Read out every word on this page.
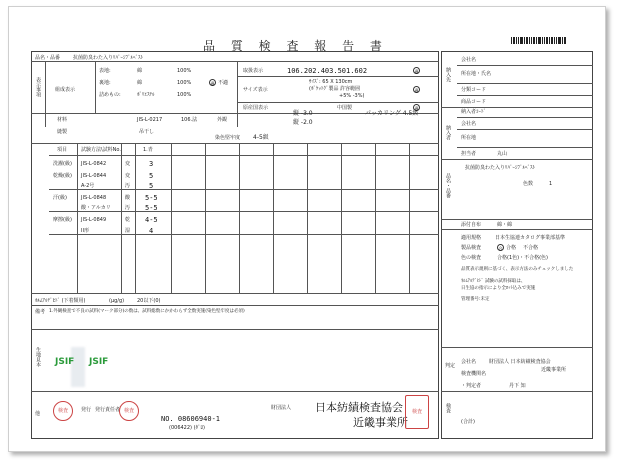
品 質 検 査 報 告 書
品名・品番	抗菌防臭わた入りﾘﾊﾞｰｼﾌﾞﾙﾍﾞｽﾄ
表示事項	組成表示
表地:	綿	100%
裏地:	綿	100%
詰めもの:	ﾎﾟﾘｴｽﾃﾙ	100%
適 不適
取扱表示	106.202.403.501.602	適
サイズ表示
ｻｲｽﾞ: 65 X 130cm
(ﾎﾟｹｯﾄｸﾞ製品 許容範囲
+5% -3%)
適
原産国表示	中国製	適
材料
縫製
JIS-L-0217	106.法
吊干し
外観
縦 -3.0	パッカリング 4.5級
縦 -2.0
染色堅牢度 4-5級
項目	試験方法\試料No.	1.青
洗濯(級) JIS-L-0842	変	3
乾燥(級) JIS-L-0844	変	5
A-2号	汚	5
汗(級)	JIS-L-0848	酸 5-5
酸・アルカリ	汚 5-5
摩擦(級) JIS-L-0849	乾 4-5
II形	湿	4
ﾎﾙﾑｱﾙﾃﾞﾋﾄﾞ (下着類用)	(μg/g)	20以下(0)
備考 1.外観検査で不良の試料(マーク部分)の数は、試料総数にかかわらず全数実施(染色堅牢度は必須)
生地見本 JSIF JSIF
他	検査	発行 発行責任者 検査
NO. 08606940-1
(006422) (ﾀﾞﾛ)
財団法人 日本紡績検査協会
近畿事業所
検査
納入先
会社名
所在地・氏名
分類コード
商品コード
納入者ｺｰﾄﾞ
納入者
会社名
所在地
担当者	丸山
品名・品番
抗菌防臭わた入りﾘﾊﾞｰｼﾌﾞﾙﾍﾞｽﾄ
色数	1
添付自布	綿・綿
適用規格	日本生協連カタログ事業部基準
製品検査	合 合格 不合格
色の検査	合格(1色)・不合格(色)
品質表示規則に基づく、表示方法のみチェックしました
ﾈﾙﾑｱﾙﾃﾞﾋﾄﾞ 試験の試料採取は、
日生協の指示により全ﾛｯﾄ込みで実施
管理番号:未定
判定
会社名	財団法人 日本紡績検査協会
近畿事業所
検査機関名
・判定者	丹下 知
検査
(合計)
